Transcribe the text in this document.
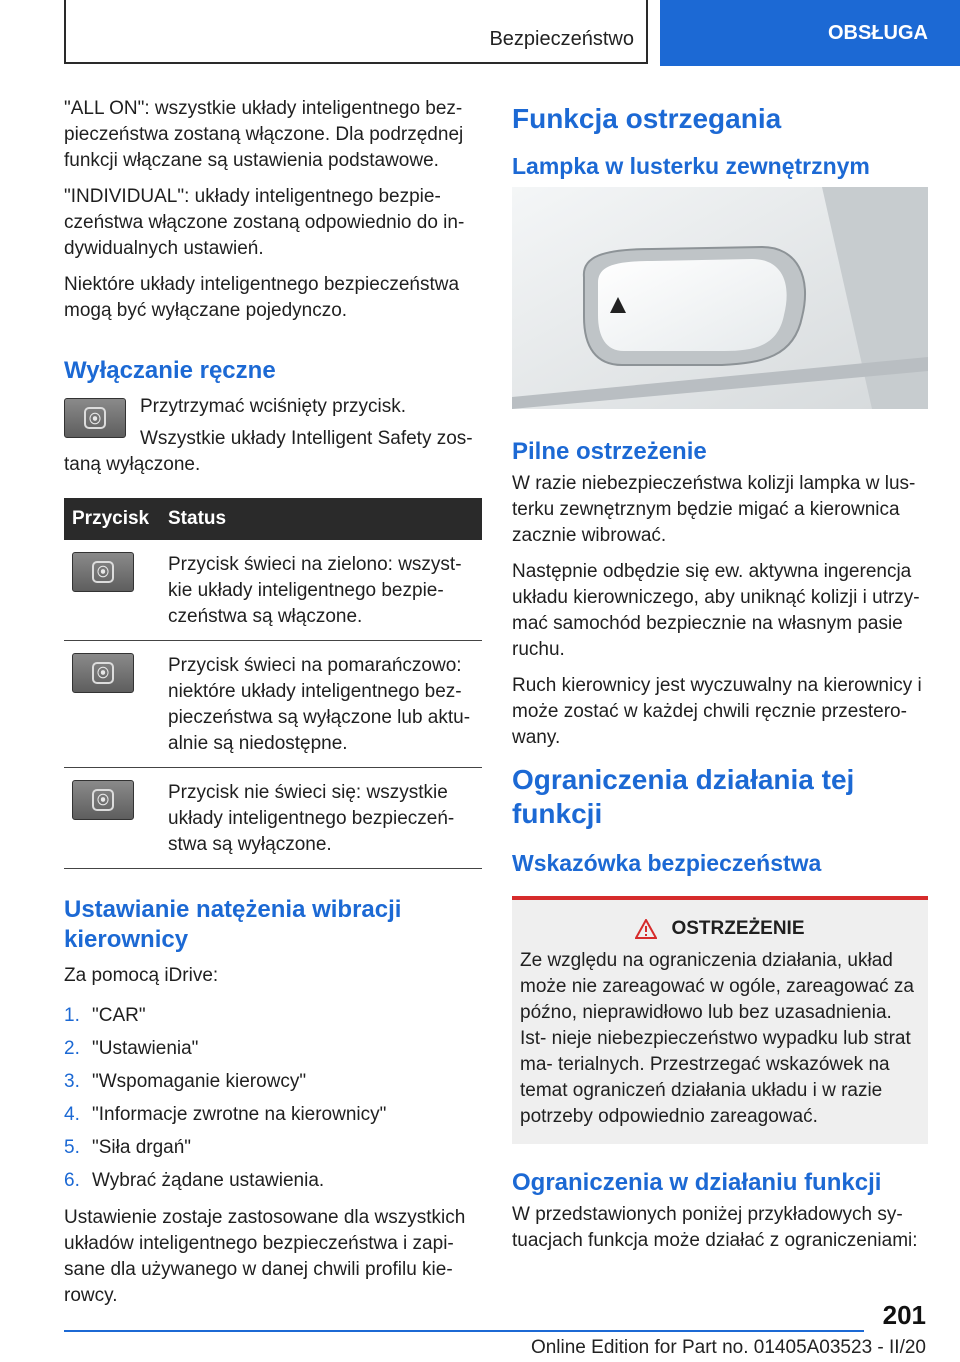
Bezpieczeństwo	OBSŁUGA

"ALL ON": wszystkie układy inteligentnego bez- pieczeństwa zostaną włączone. Dla podrzędnej funkcji włączane są ustawienia podstawowe.

"INDIVIDUAL": układy inteligentnego bezpie- czeństwa włączone zostaną odpowiednio do in- dywidualnych ustawień.

Niektóre układy inteligentnego bezpieczeństwa mogą być wyłączane pojedynczo.

Wyłączanie ręczne
⦿

Przytrzymać wciśnięty przycisk.

Wszystkie układy Intelligent Safety zos- taną wyłączone.

Przycisk	Status

⦿	Przycisk świeci na zielono: wszyst- kie układy inteligentnego bezpie- czeństwa są włączone.

⦿	Przycisk świeci na pomarańczowo: niektóre układy inteligentnego bez- pieczeństwa są wyłączone lub aktu- alnie są niedostępne.

⦿	Przycisk nie świeci się: wszystkie układy inteligentnego bezpieczeń- stwa są wyłączone.
Ustawianie natężenia wibracji kierownicy

Za pomocą iDrive:

1. "CAR"
2. "Ustawienia"
3. "Wspomaganie kierowcy"
4. "Informacje zwrotne na kierownicy"
5. "Siła drgań"
6. Wybrać żądane ustawienia.

Ustawienie zostaje zastosowane dla wszystkich układów inteligentnego bezpieczeństwa i zapi- sane dla używanego w danej chwili profilu kie- rowcy.

Funkcja ostrzegania
Lampka w lusterku zewnętrznym
Pilne ostrzeżenie

W razie niebezpieczeństwa kolizji lampka w lus- terku zewnętrznym będzie migać a kierownica zacznie wibrować.

Następnie odbędzie się ew. aktywna ingerencja układu kierowniczego, aby uniknąć kolizji i utrzy- mać samochód bezpiecznie na własnym pasie ruchu.

Ruch kierownicy jest wyczuwalny na kierownicy i może zostać w każdej chwili ręcznie przestero- wany.

Ograniczenia działania tej funkcji
Wskazówka bezpieczeństwa
OSTRZEŻENIE

Ze względu na ograniczenia działania, układ może nie zareagować w ogóle, zareagować za późno, nieprawidłowo lub bez uzasadnienia. Ist- nieje niebezpieczeństwo wypadku lub strat ma- terialnych. Przestrzegać wskazówek na temat ograniczeń działania układu i w razie potrzeby odpowiednio zareagować.

Ograniczenia w działaniu funkcji

W przedstawionych poniżej przykładowych sy- tuacjach funkcja może działać z ograniczeniami:

201
Online Edition for Part no. 01405A03523 - II/20
